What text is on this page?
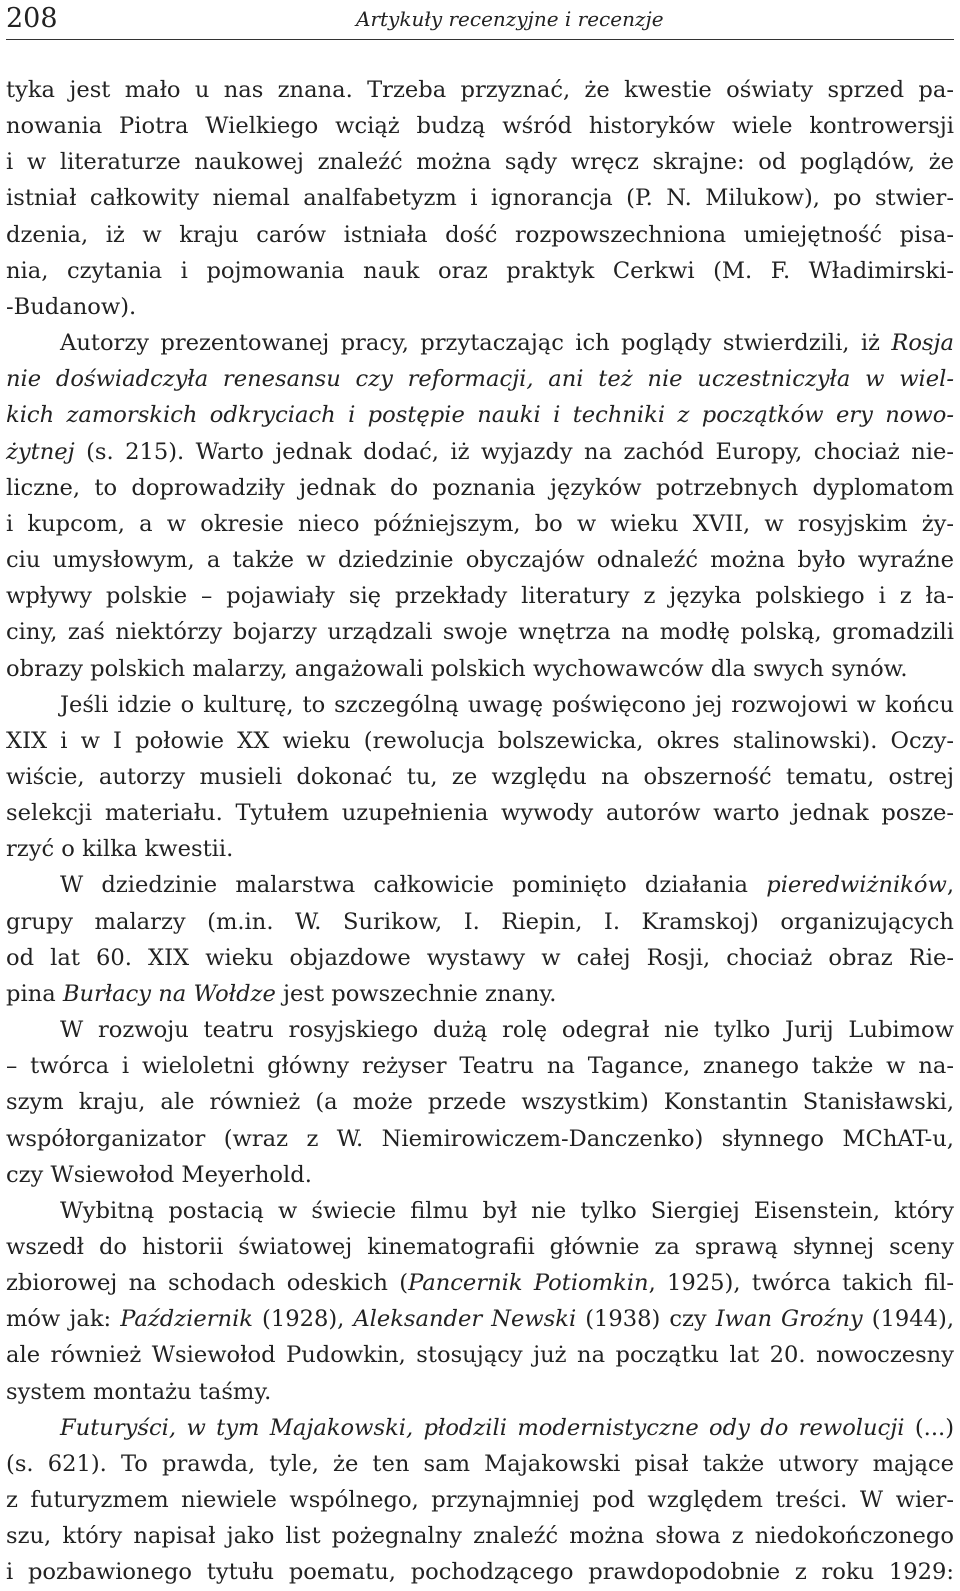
208	Artykuły recenzyjne i recenzje
tyka jest mało u nas znana. Trzeba przyznać, że kwestie oświaty sprzed pa-
nowania Piotra Wielkiego wciąż budzą wśród historyków wiele kontrowersji
i w literaturze naukowej znaleźć można sądy wręcz skrajne: od poglądów, że
istniał całkowity niemal analfabetyzm i ignorancja (P. N. Milukow), po stwier-
dzenia, iż w kraju carów istniała dość rozpowszechniona umiejętność pisa-
nia, czytania i pojmowania nauk oraz praktyk Cerkwi (M. F. Władimirski-
-Budanow).
Autorzy prezentowanej pracy, przytaczając ich poglądy stwierdzili, iż Rosja
nie doświadczyła renesansu czy reformacji, ani też nie uczestniczyła w wiel-
kich zamorskich odkryciach i postępie nauki i techniki z początków ery nowo-
żytnej (s. 215). Warto jednak dodać, iż wyjazdy na zachód Europy, chociaż nie-
liczne, to doprowadziły jednak do poznania języków potrzebnych dyplomatom
i kupcom, a w okresie nieco późniejszym, bo w wieku XVII, w rosyjskim ży-
ciu umysłowym, a także w dziedzinie obyczajów odnaleźć można było wyraźne
wpływy polskie – pojawiały się przekłady literatury z języka polskiego i z ła-
ciny, zaś niektórzy bojarzy urządzali swoje wnętrza na modłę polską, gromadzili
obrazy polskich malarzy, angażowali polskich wychowawców dla swych synów.
Jeśli idzie o kulturę, to szczególną uwagę poświęcono jej rozwojowi w końcu
XIX i w I połowie XX wieku (rewolucja bolszewicka, okres stalinowski). Oczy-
wiście, autorzy musieli dokonać tu, ze względu na obszerność tematu, ostrej
selekcji materiału. Tytułem uzupełnienia wywody autorów warto jednak posze-
rzyć o kilka kwestii.
W dziedzinie malarstwa całkowicie pominięto działania pieredwiżników,
grupy malarzy (m.in. W. Surikow, I. Riepin, I. Kramskoj) organizujących
od lat 60. XIX wieku objazdowe wystawy w całej Rosji, chociaż obraz Rie-
pina Burłacy na Wołdze jest powszechnie znany.
W rozwoju teatru rosyjskiego dużą rolę odegrał nie tylko Jurij Lubimow
– twórca i wieloletni główny reżyser Teatru na Tagance, znanego także w na-
szym kraju, ale również (a może przede wszystkim) Konstantin Stanisławski,
współorganizator (wraz z W. Niemirowiczem-Danczenko) słynnego MChAT-u,
czy Wsiewołod Meyerhold.
Wybitną postacią w świecie filmu był nie tylko Siergiej Eisenstein, który
wszedł do historii światowej kinematografii głównie za sprawą słynnej sceny
zbiorowej na schodach odeskich (Pancernik Potiomkin, 1925), twórca takich fil-
mów jak: Październik (1928), Aleksander Newski (1938) czy Iwan Groźny (1944),
ale również Wsiewołod Pudowkin, stosujący już na początku lat 20. nowoczesny
system montażu taśmy.
Futuryści, w tym Majakowski, płodzili modernistyczne ody do rewolucji (...)
(s. 621). To prawda, tyle, że ten sam Majakowski pisał także utwory mające
z futuryzmem niewiele wspólnego, przynajmniej pod względem treści. W wier-
szu, który napisał jako list pożegnalny znaleźć można słowa z niedokończonego
i pozbawionego tytułu poematu, pochodzącego prawdopodobnie z roku 1929:
